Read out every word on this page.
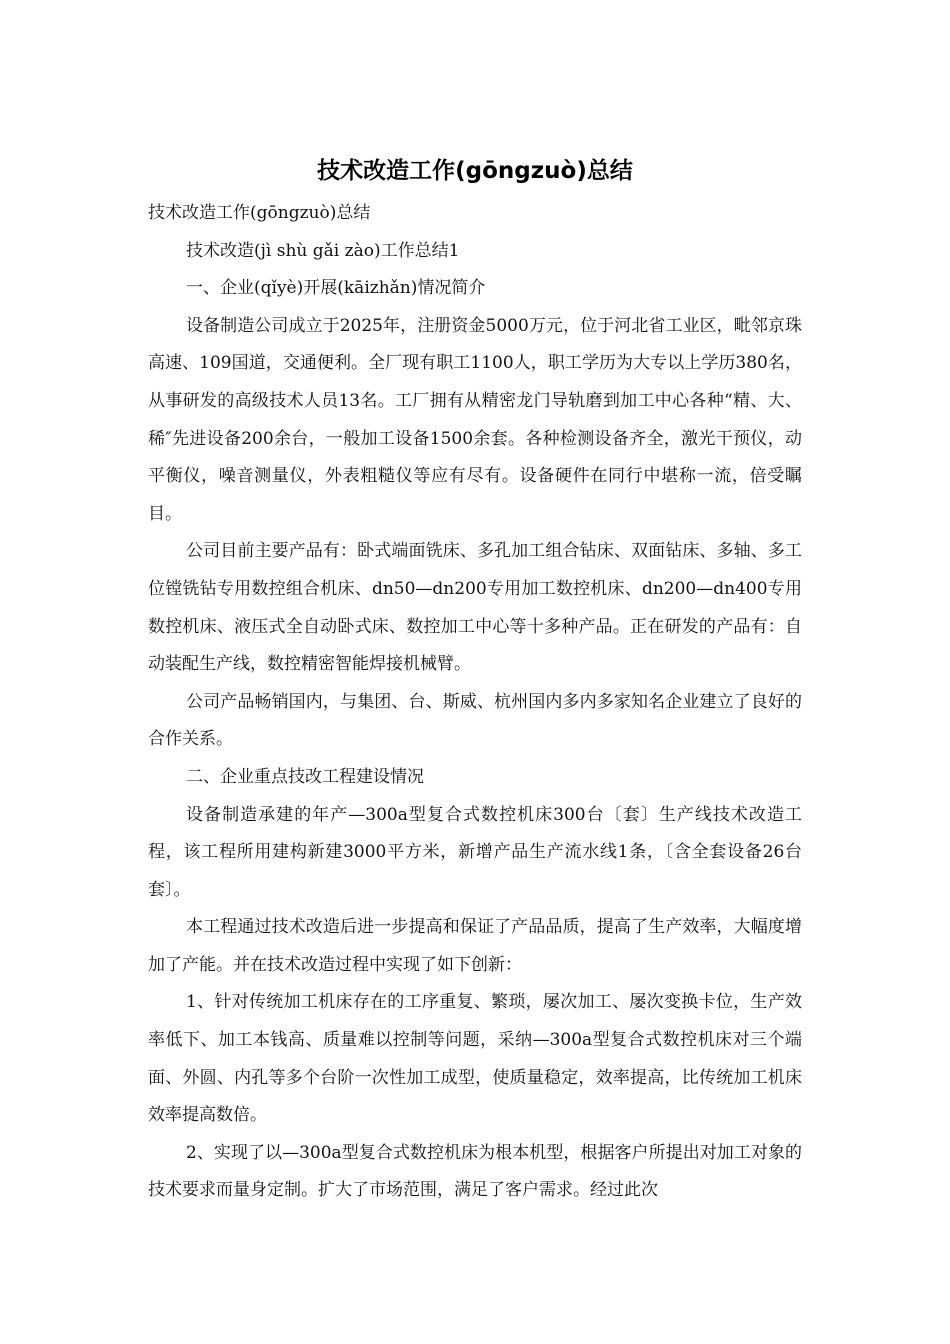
技术改造工作(gōngzuò)总结

技术改造工作(gōngzuò)总结

技术改造(jì shù gǎi zào)工作总结1

一、企业(qǐyè)开展(kāizhǎn)情况简介

设备制造公司成立于2025年，注册资金5000万元，位于河北省工业区，毗邻京珠高速、109国道，交通便利。全厂现有职工1100人，职工学历为大专以上学历380名，从事研发的高级技术人员13名。工厂拥有从精密龙门导轨磨到加工中心各种“精、大、稀″先进设备200余台，一般加工设备1500余套。各种检测设备齐全，激光干预仪，动平衡仪，噪音测量仪，外表粗糙仪等应有尽有。设备硬件在同行中堪称一流，倍受瞩目。

公司目前主要产品有：卧式端面铣床、多孔加工组合钻床、双面钻床、多轴、多工位镗铣钻专用数控组合机床、dn50—dn200专用加工数控机床、dn200—dn400专用数控机床、液压式全自动卧式床、数控加工中心等十多种产品。正在研发的产品有：自动装配生产线，数控精密智能焊接机械臂。

公司产品畅销国内，与集团、台、斯威、杭州国内多内多家知名企业建立了良好的合作关系。

二、企业重点技改工程建设情况

设备制造承建的年产—300a型复合式数控机床300台〔套〕生产线技术改造工程，该工程所用建构新建3000平方米，新增产品生产流水线1条，〔含全套设备26台套〕。

本工程通过技术改造后进一步提高和保证了产品品质，提高了生产效率，大幅度增加了产能。并在技术改造过程中实现了如下创新：

1、针对传统加工机床存在的工序重复、繁琐，屡次加工、屡次变换卡位，生产效率低下、加工本钱高、质量难以控制等问题，采纳—300a型复合式数控机床对三个端面、外圆、内孔等多个台阶一次性加工成型，使质量稳定，效率提高，比传统加工机床效率提高数倍。

2、实现了以—300a型复合式数控机床为根本机型，根据客户所提出对加工对象的技术要求而量身定制。扩大了市场范围，满足了客户需求。经过此次
